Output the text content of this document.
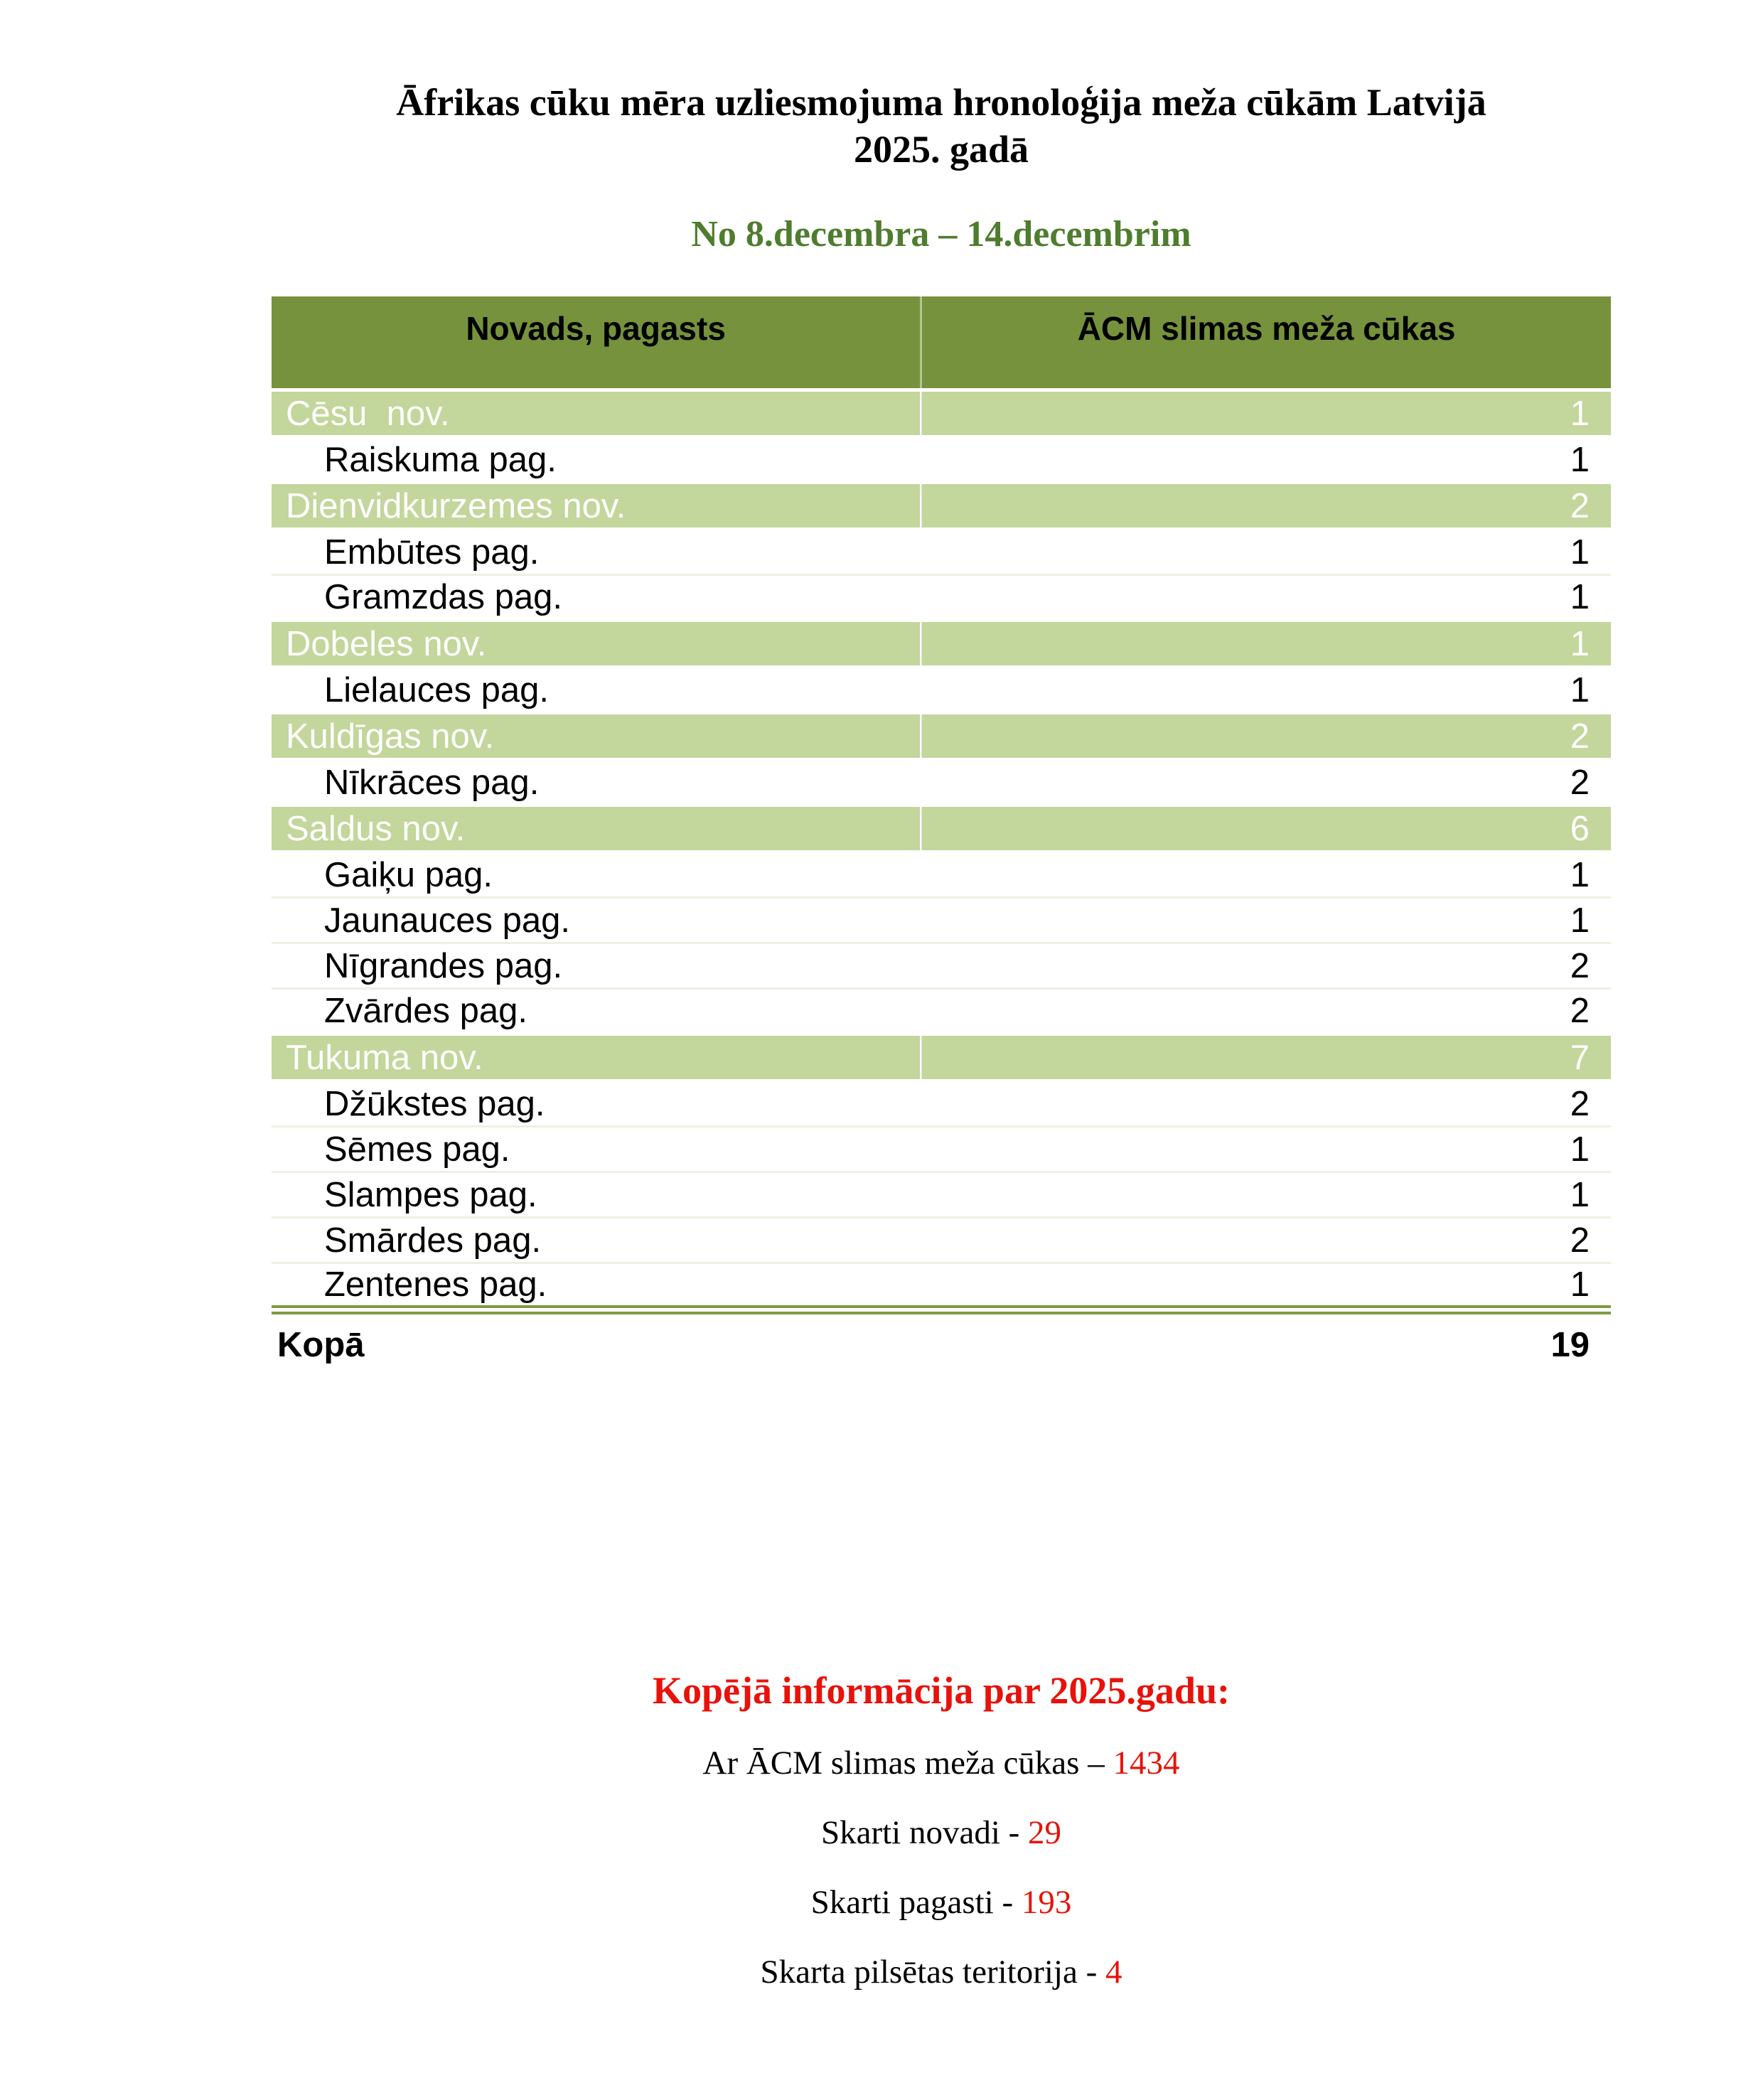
Āfrikas cūku mēra uzliesmojuma hronoloģija meža cūkām Latvijā
2025. gadā
No 8.decembra – 14.decembrim
Novads, pagasts	ĀCM slimas meža cūkas
Cēsu  nov.	1
Raiskuma pag.	1
Dienvidkurzemes nov.	2
Embūtes pag.	1
Gramzdas pag.	1
Dobeles nov.	1
Lielauces pag.	1
Kuldīgas nov.	2
Nīkrāces pag.	2
Saldus nov.	6
Gaiķu pag.	1
Jaunauces pag.	1
Nīgrandes pag.	2
Zvārdes pag.	2
Tukuma nov.	7
Džūkstes pag.	2
Sēmes pag.	1
Slampes pag.	1
Smārdes pag.	2
Zentenes pag.	1
Kopā	19
Kopējā informācija par 2025.gadu:
Ar ĀCM slimas meža cūkas – 1434
Skarti novadi - 29
Skarti pagasti - 193
Skarta pilsētas teritorija - 4
